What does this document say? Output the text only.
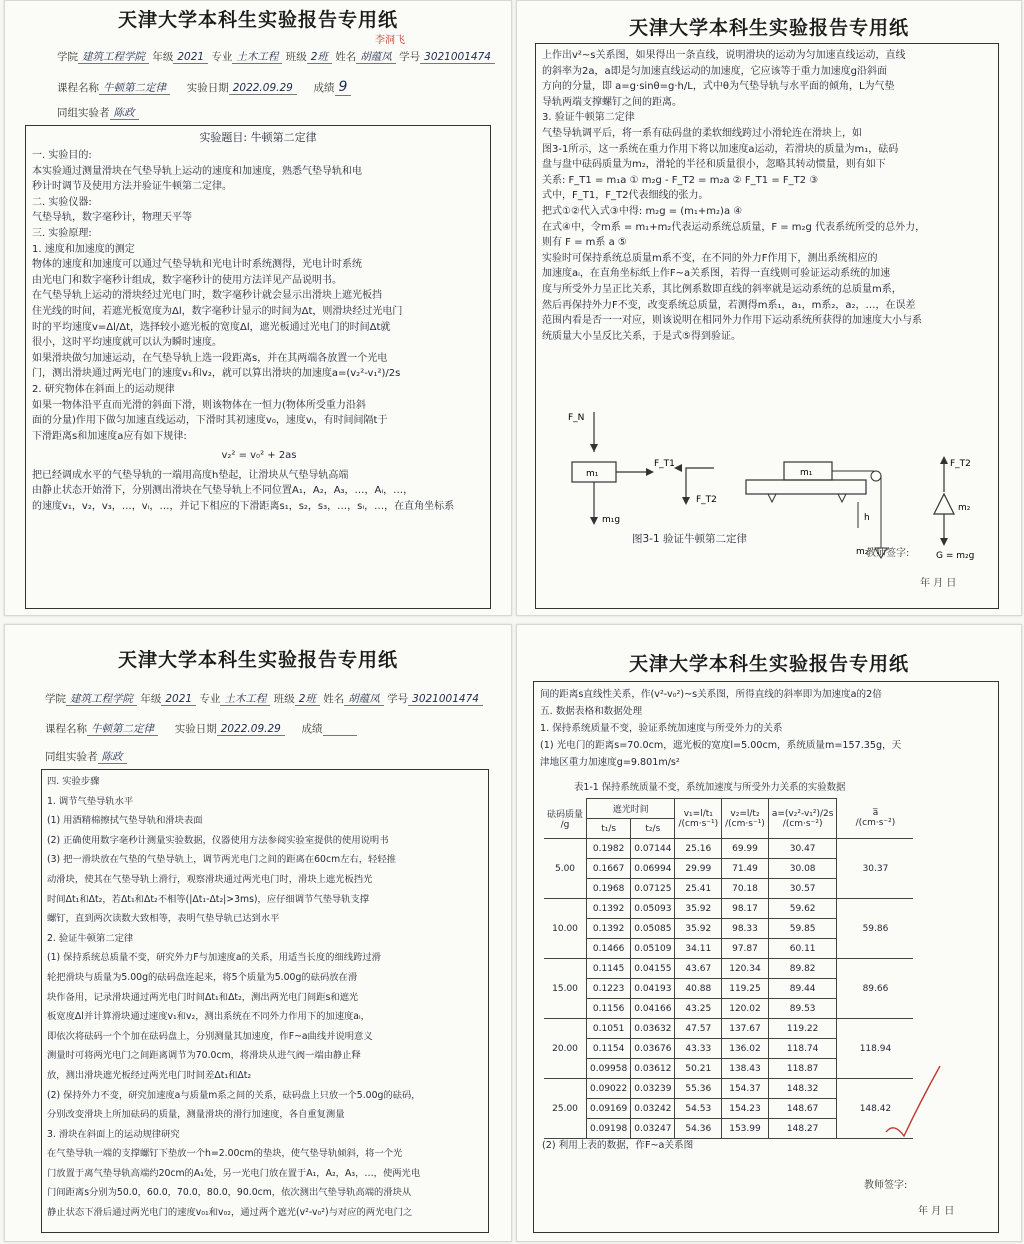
天津大学本科生实验报告专用纸
学院 建筑工程学院 年级 2021 专业 土木工程 班级 2班 姓名 胡蕴凤 学号 3021001474
李洞飞
课程名称 牛顿第二定律 实验日期 2022.09.29 成绩 9
同组实验者 陈政
实验题目: 牛顿第二定律

一. 实验目的:

本实验通过测量滑块在气垫导轨上运动的速度和加速度，熟悉气垫导轨和电

秒计时调节及使用方法并验证牛顿第二定律。

二. 实验仪器:

气垫导轨，数字毫秒计，物理天平等

三. 实验原理:

1. 速度和加速度的测定

物体的速度和加速度可以通过气垫导轨和光电计时系统测得，光电计时系统

由光电门和数字毫秒计组成，数字毫秒计的使用方法详见产品说明书。

在气垫导轨上运动的滑块经过光电门时，数字毫秒计就会显示出滑块上遮光板挡

住光线的时间，若遮光板宽度为Δl，数字毫秒计显示的时间为Δt，则滑块经过光电门

时的平均速度v=Δl/Δt，选择较小遮光板的宽度Δl，遮光板通过光电门的时间Δt就

很小，这时平均速度就可以认为瞬时速度。

如果滑块做匀加速运动，在气垫导轨上选一段距离s，并在其两端各放置一个光电

门，测出滑块通过两光电门的速度v₁和v₂，就可以算出滑块的加速度a=(v₂²-v₁²)/2s

2. 研究物体在斜面上的运动规律

如果一物体沿平直而光滑的斜面下滑，则该物体在一恒力(物体所受重力沿斜

面的分量)作用下做匀加速直线运动，下滑时其初速度v₀，速度vᵢ，有时间间隔t于

下滑距离s和加速度a应有如下规律:

v₂² = v₀² + 2as

把已经调成水平的气垫导轨的一端用高度h垫起，让滑块从气垫导轨高端

由静止状态开始滑下，分别测出滑块在气垫导轨上不同位置A₁，A₂，A₃，…，Aᵢ，…，

的速度v₁，v₂，v₃，…，vᵢ，…，并记下相应的下滑距离s₁，s₂，s₃，…，sᵢ，…，在直角坐标系

天津大学本科生实验报告专用纸

上作出v²~s关系图，如果得出一条直线，说明滑块的运动为匀加速直线运动，直线

的斜率为2a，a即是匀加速直线运动的加速度，它应该等于重力加速度g沿斜面

方向的分量，即 a=g·sinθ=g·h/L，式中θ为气垫导轨与水平面的倾角，L为气垫

导轨两端支撑螺钉之间的距离。

3. 验证牛顿第二定律

气垫导轨调平后，将一系有砝码盘的柔软细线跨过小滑轮连在滑块上，如

图3-1所示，这一系统在重力作用下将以加速度a运动，若滑块的质量为m₁，砝码

盘与盘中砝码质量为m₂，滑轮的半径和质量很小，忽略其转动惯量，则有如下

关系: F_T1 = m₁a ① m₂g - F_T2 = m₂a ② F_T1 = F_T2 ③

式中，F_T1，F_T2代表细线的张力。

把式①②代入式③中得: m₂g = (m₁+m₂)a ④

在式④中，令m系 = m₁+m₂代表运动系统总质量，F = m₂g 代表系统所受的总外力，

则有 F = m系 a ⑤

实验时可保持系统总质量m系不变，在不同的外力F作用下，测出系统相应的

加速度aᵢ，在直角坐标纸上作F~a关系图，若得一直线则可验证运动系统的加速

度与所受外力呈正比关系，其比例系数即直线的斜率就是运动系统的总质量m系，

然后再保持外力F不变，改变系统总质量，若测得m系₁，a₁，m系₂，a₂，…，在误差

范围内看是否一一对应，则该说明在相同外力作用下运动系统所获得的加速度大小与系

统质量大小呈反比关系，于是式⑤得到验证。

F_N
m₁
F_T1
m₁g
F_T2
m₁
m₂
h
F_T2
m₂
G = m₂g
图3-1 验证牛顿第二定律
教师签字:
年 月 日
天津大学本科生实验报告专用纸
学院 建筑工程学院 年级 2021 专业 土木工程 班级 2班 姓名 胡蕴凤 学号 3021001474
课程名称 牛顿第二定律 实验日期 2022.09.29 成绩
同组实验者 陈政

四. 实验步骤

1. 调节气垫导轨水平

(1) 用酒精棉擦拭气垫导轨和滑块表面

(2) 正确使用数字毫秒计测量实验数据，仪器使用方法参阅实验室提供的使用说明书

(3) 把一滑块放在气垫的气垫导轨上，调节两光电门之间的距离在60cm左右，轻轻推

动滑块，使其在气垫导轨上滑行，观察滑块通过两光电门时，滑块上遮光板挡光

时间Δt₁和Δt₂，若Δt₁和Δt₂不相等(|Δt₁-Δt₂|>3ms)，应仔细调节气垫导轨支撑

螺钉，直到两次读数大致相等，表明气垫导轨已达到水平

2. 验证牛顿第二定律

(1) 保持系统总质量不变，研究外力F与加速度a的关系，用适当长度的细线跨过滑

轮把滑块与质量为5.00g的砝码盘连起来，将5个质量为5.00g的砝码放在滑

块作备用，记录滑块通过两光电门时间Δt₁和Δt₂，测出两光电门间距s和遮光

板宽度Δl并计算滑块通过速度v₁和v₂，测出系统在不同外力作用下的加速度aᵢ，

即依次将砝码一个个加在砝码盘上，分别测量其加速度，作F~a曲线并说明意义

测量时可将两光电门之间距离调节为70.0cm，将滑块从进气阀一端由静止释

放，测出滑块遮光板经过两光电门时间差Δt₁和Δt₂

(2) 保持外力不变，研究加速度a与质量m系之间的关系，砝码盘上只放一个5.00g的砝码，

分别改变滑块上所加砝码的质量，测量滑块的滑行加速度，各自重复测量

3. 滑块在斜面上的运动规律研究

在气垫导轨一端的支撑螺钉下垫放一个h=2.00cm的垫块，使气垫导轨倾斜，将一个光

门放置于离气垫导轨高端约20cm的A₁处，另一光电门放在置于A₁，A₂，A₃，…，使两光电

门间距离s分别为50.0，60.0，70.0，80.0，90.0cm，依次测出气垫导轨高端的滑块从

静止状态下滑后通过两光电门的速度v₀₁和v₀₂，通过两个遮光(v²-v₀²)与对应的两光电门之

天津大学本科生实验报告专用纸

间的距离s直线性关系，作(v²-v₀²)~s关系图，所得直线的斜率即为加速度a的2倍

五. 数据表格和数据处理

1. 保持系统质量不变，验证系统加速度与所受外力的关系

(1) 光电门的距离s=70.0cm，遮光板的宽度l=5.00cm，系统质量m=157.35g，天

津地区重力加速度g=9.801m/s²

表1-1 保持系统质量不变，系统加速度与所受外力关系的实验数据
砝码质量
/g	遮光时间		v₁=l/t₁
/(cm·s⁻¹)	v₂=l/t₂
/(cm·s⁻¹)	a=(v₂²-v₁²)/2s
/(cm·s⁻²)	a̅
/(cm·s⁻²)
	t₁/s	t₂/s				
5.00	0.1982	0.07144	25.16	69.99	30.47	30.37
	0.1667	0.06994	29.99	71.49	30.08	
	0.1968	0.07125	25.41	70.18	30.57	
10.00	0.1392	0.05093	35.92	98.17	59.62	59.86
	0.1392	0.05085	35.92	98.33	59.85	
	0.1466	0.05109	34.11	97.87	60.11	
15.00	0.1145	0.04155	43.67	120.34	89.82	89.66
	0.1223	0.04193	40.88	119.25	89.44	
	0.1156	0.04166	43.25	120.02	89.53	
20.00	0.1051	0.03632	47.57	137.67	119.22	118.94
	0.1154	0.03676	43.33	136.02	118.74	
	0.09958	0.03612	50.21	138.43	118.87	
25.00	0.09022	0.03239	55.36	154.37	148.32	148.42
	0.09169	0.03242	54.53	154.23	148.67	
	0.09198	0.03247	54.36	153.99	148.27	
(2) 利用上表的数据，作F~a关系图
教师签字:
年 月 日
